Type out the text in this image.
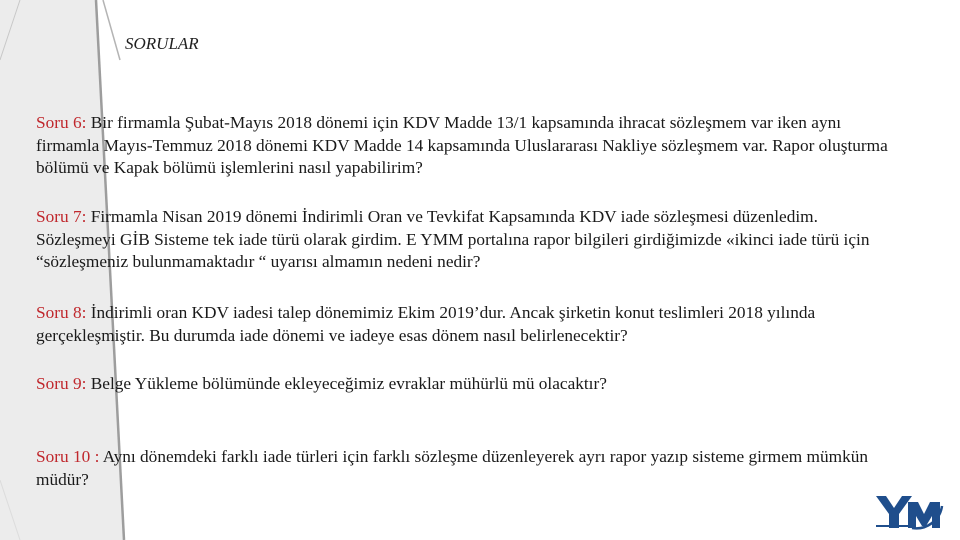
SORULAR
Soru 6: Bir firmamla Şubat-Mayıs 2018 dönemi için KDV Madde 13/1 kapsamında ihracat sözleşmem var iken aynı firmamla Mayıs-Temmuz 2018 dönemi KDV Madde 14 kapsamında Uluslararası Nakliye sözleşmem var. Rapor oluşturma bölümü ve Kapak bölümü işlemlerini nasıl yapabilirim?
Soru 7: Firmamla Nisan 2019 dönemi İndirimli Oran ve Tevkifat Kapsamında KDV iade sözleşmesi düzenledim. Sözleşmeyi GİB Sisteme tek iade türü olarak girdim. E YMM portalına rapor bilgileri girdiğimizde «ikinci iade türü için “sözleşmeniz bulunmamaktadır “ uyarısı almamın nedeni nedir?
Soru 8: İndirimli oran KDV iadesi talep dönemimiz Ekim 2019’dur. Ancak şirketin konut teslimleri 2018 yılında gerçekleşmiştir. Bu durumda iade dönemi ve iadeye esas dönem nasıl belirlenecektir?
Soru 9: Belge Yükleme bölümünde ekleyeceğimiz evraklar mühürlü mü olacaktır?
Soru 10 : Aynı dönemdeki farklı iade türleri için farklı sözleşme düzenleyerek ayrı rapor yazıp sisteme girmem mümkün müdür?
